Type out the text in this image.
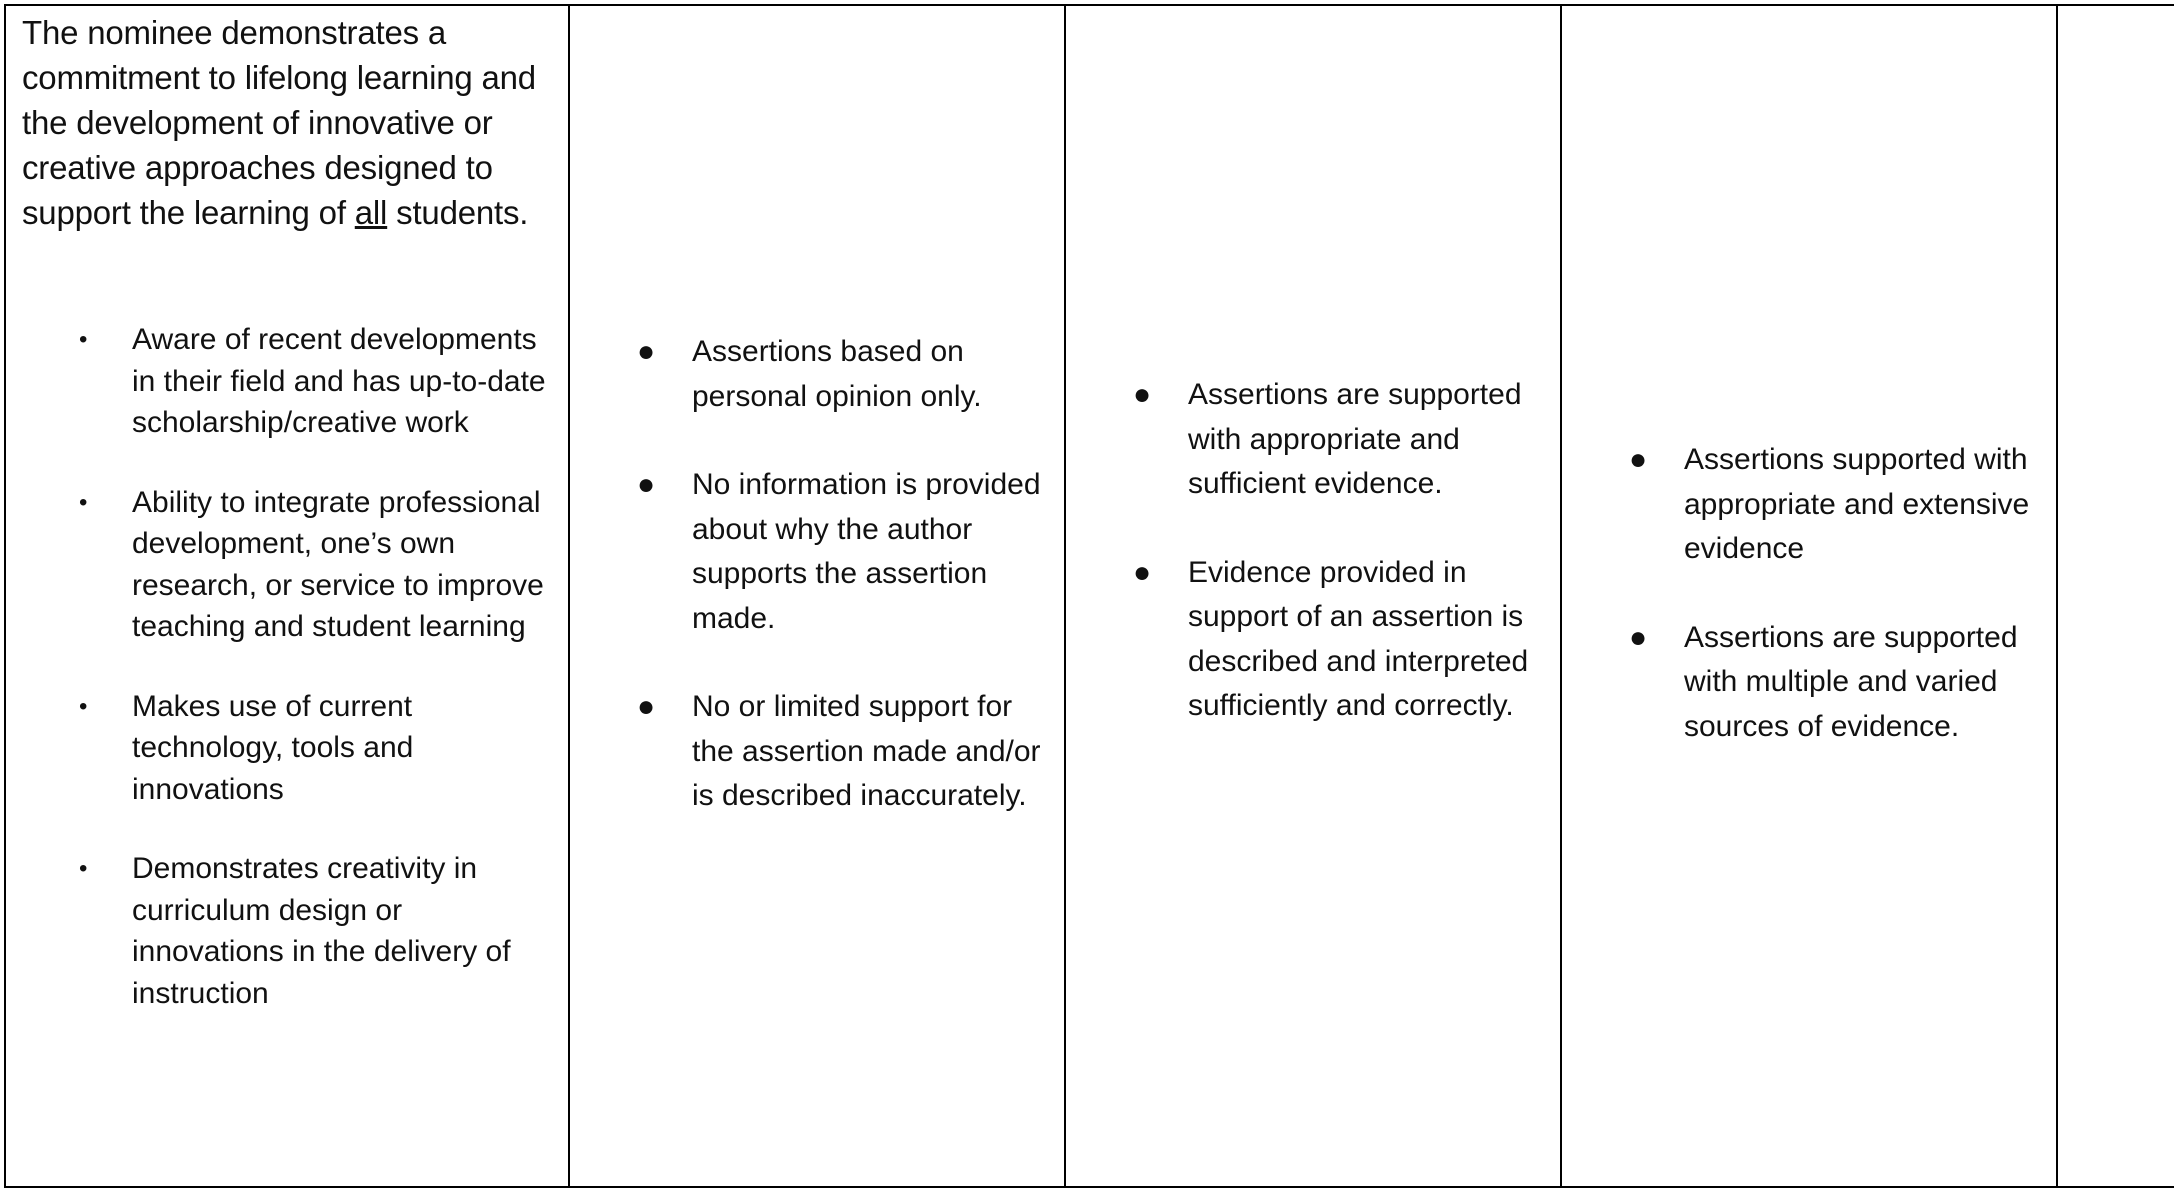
The nominee demonstrates a commitment to lifelong learning and the development of innovative or creative approaches designed to support the learning of all students.

• Aware of recent developments in their field and has up-to-date scholarship/creative work
• Ability to integrate professional development, one’s own research, or service to improve teaching and student learning
• Makes use of current technology, tools and innovations
• Demonstrates creativity in curriculum design or innovations in the delivery of instruction

● Assertions based on personal opinion only.
● No information is provided about why the author supports the assertion made.
● No or limited support for the assertion made and/or is described inaccurately.

● Assertions are supported with appropriate and sufficient evidence.
● Evidence provided in support of an assertion is described and interpreted sufficiently and correctly.

● Assertions supported with appropriate and extensive evidence
● Assertions are supported with multiple and varied sources of evidence.
